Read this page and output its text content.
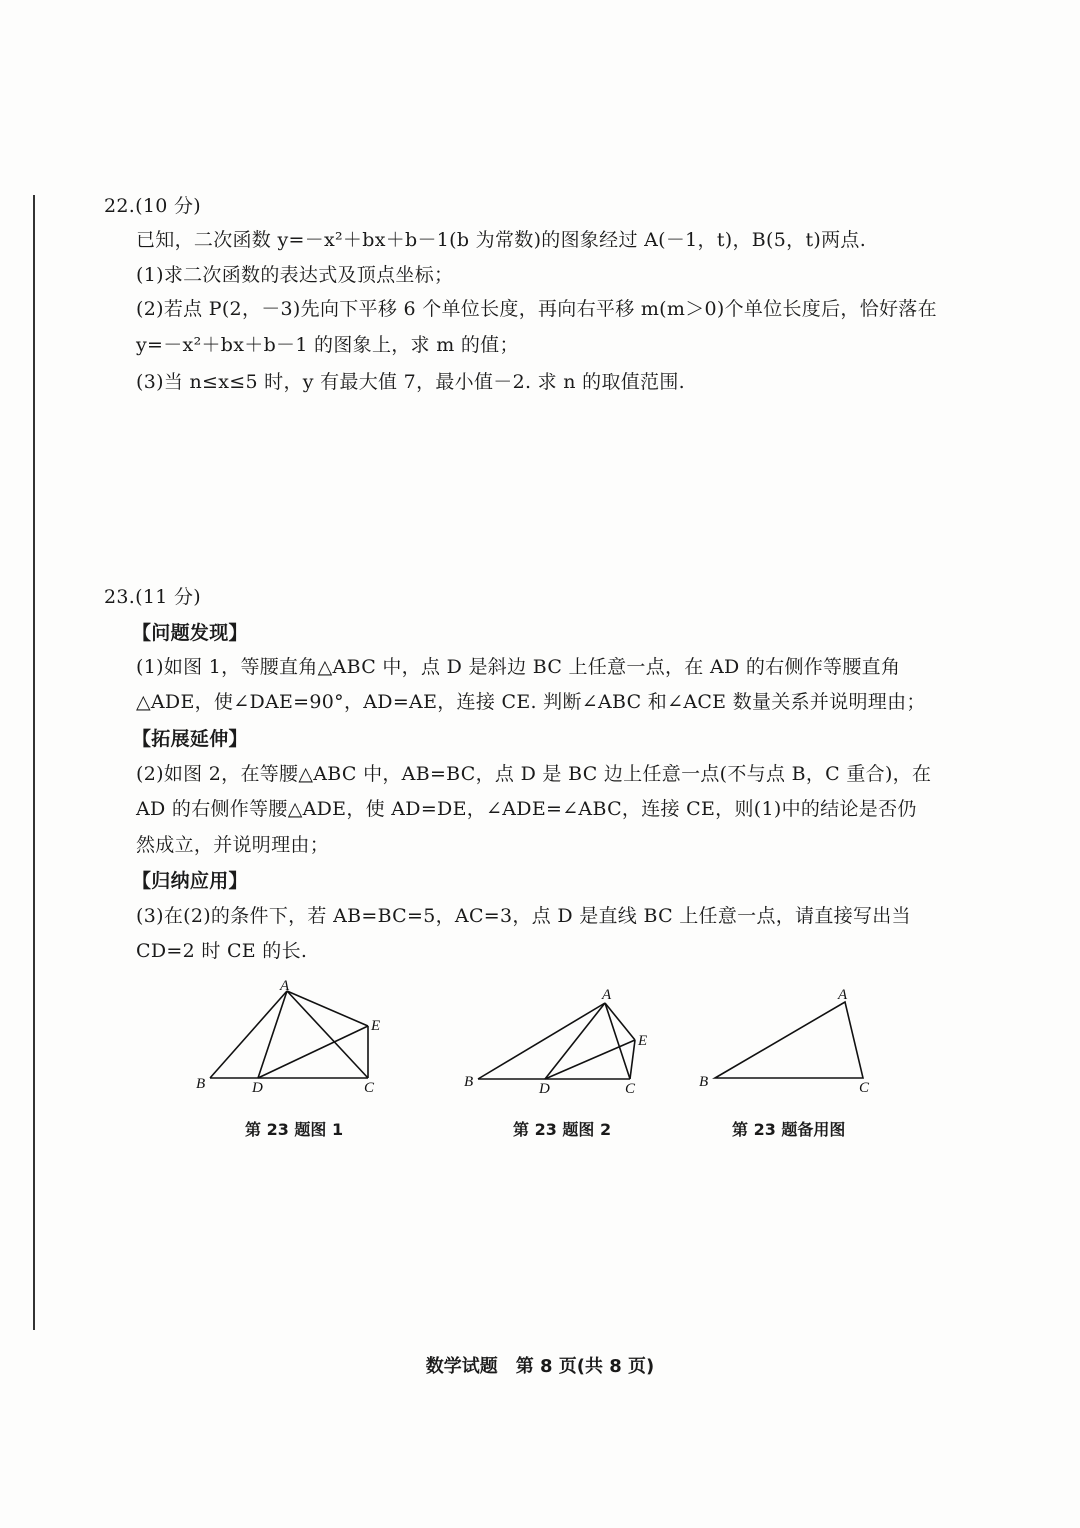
22.(10 分)
已知，二次函数 y=－x²＋bx＋b－1(b 为常数)的图象经过 A(－1，t)，B(5，t)两点.
(1)求二次函数的表达式及顶点坐标；
(2)若点 P(2，－3)先向下平移 6 个单位长度，再向右平移 m(m＞0)个单位长度后，恰好落在
y=－x²＋bx＋b－1 的图象上，求 m 的值；
(3)当 n≤x≤5 时，y 有最大值 7，最小值－2. 求 n 的取值范围.
23.(11 分)
【问题发现】
(1)如图 1，等腰直角△ABC 中，点 D 是斜边 BC 上任意一点，在 AD 的右侧作等腰直角
△ADE，使∠DAE=90°，AD=AE，连接 CE. 判断∠ABC 和∠ACE 数量关系并说明理由；
【拓展延伸】
(2)如图 2，在等腰△ABC 中，AB=BC，点 D 是 BC 边上任意一点(不与点 B，C 重合)，在
AD 的右侧作等腰△ADE，使 AD=DE，∠ADE=∠ABC，连接 CE，则(1)中的结论是否仍
然成立，并说明理由；
【归纳应用】
(3)在(2)的条件下，若 AB=BC=5，AC=3，点 D 是直线 BC 上任意一点，请直接写出当
CD=2 时 CE 的长.
A
B	C
D
E
第 23 题图 1
A
B	C
D
E
第 23 题图 2
A
B	C
第 23 题备用图
数学试题　第 8 页(共 8 页)
